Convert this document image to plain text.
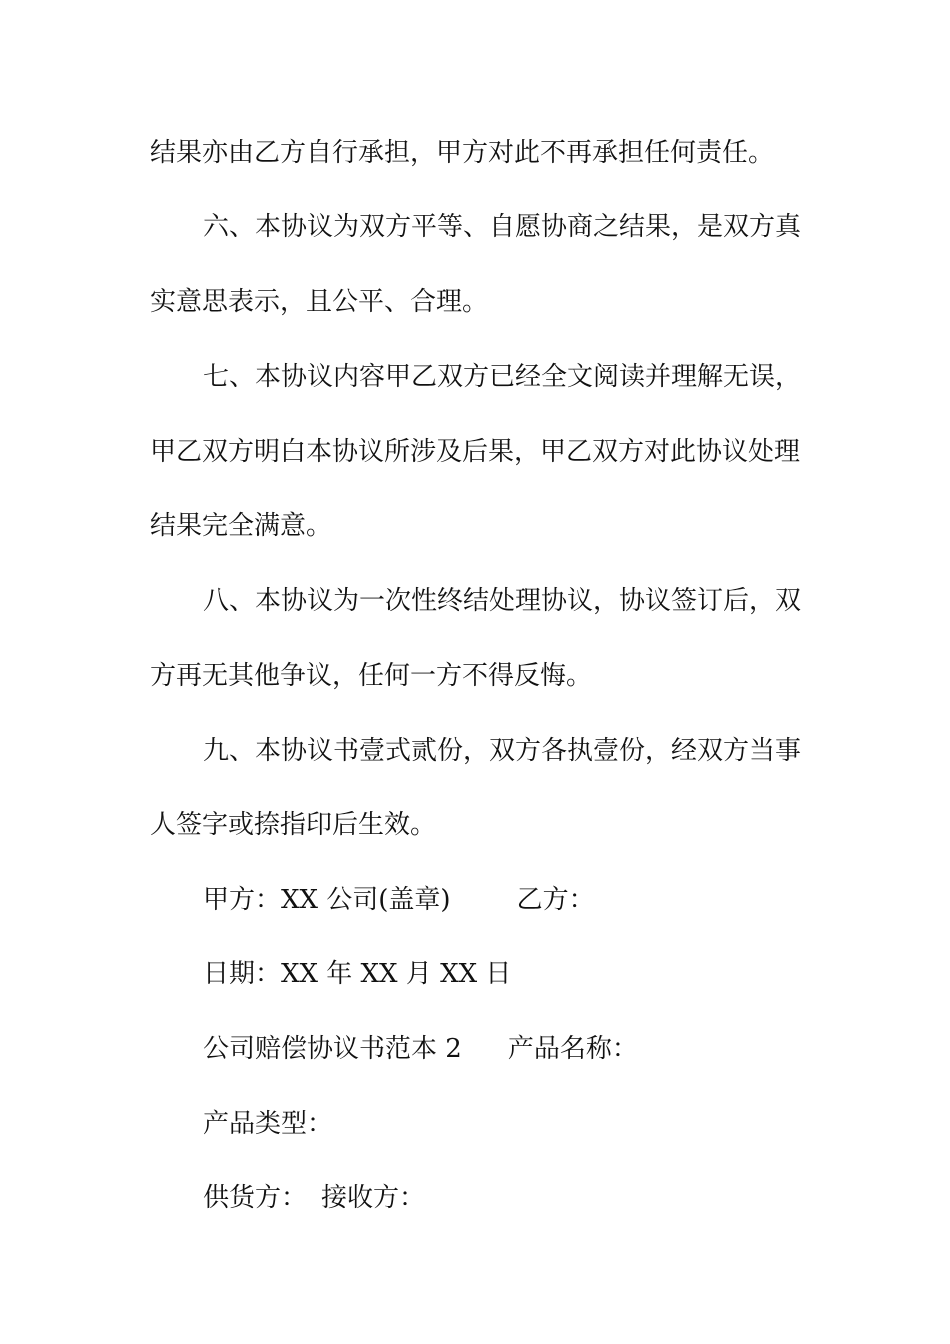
结果亦由乙方自行承担，甲方对此不再承担任何责任。
六、本协议为双方平等、自愿协商之结果，是双方真
实意思表示，且公平、合理。
七、本协议内容甲乙双方已经全文阅读并理解无误，
甲乙双方明白本协议所涉及后果，甲乙双方对此协议处理
结果完全满意。
八、本协议为一次性终结处理协议，协议签订后，双
方再无其他争议，任何一方不得反悔。
九、本协议书壹式贰份，双方各执壹份，经双方当事
人签字或捺指印后生效。
甲方：XX 公司(盖章)	乙方：
日期：XX 年 XX 月 XX 日
公司赔偿协议书范本 2 产品名称：
产品类型：
供货方： 接收方：
